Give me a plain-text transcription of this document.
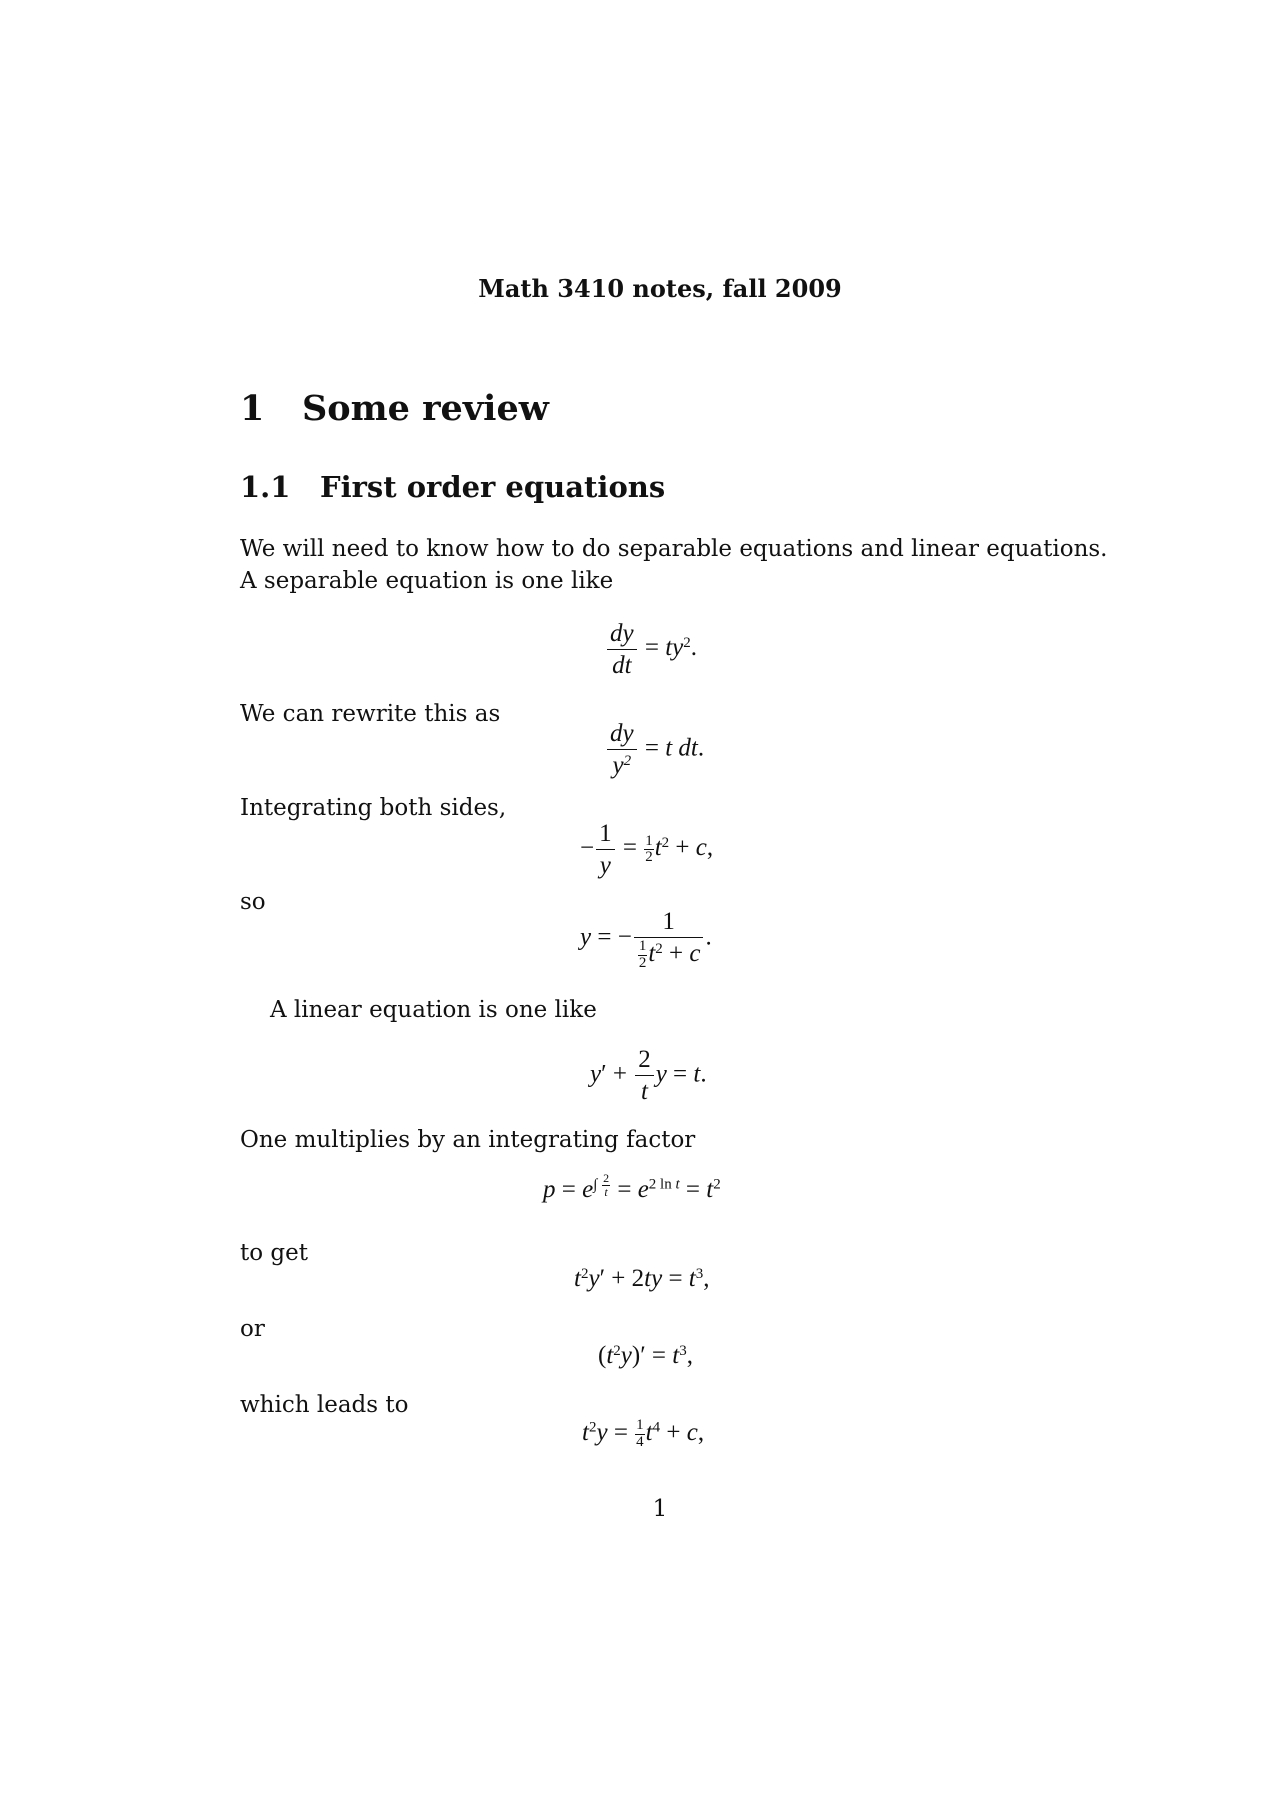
Math 3410 notes, fall 2009
1 Some review
1.1 First order equations
We will need to know how to do separable equations and linear equations.
A separable equation is one like
$\frac{dy}{dt} = ty^2$.
We can rewrite this as
$\frac{dy}{y^2} = t$ dt.
Integrating both sides,
− $\frac{1}{y} = \frac{1}{2} t^2 + c$,
so
y = − $\frac{1}{\frac{1}{2} t^2 + c}$ .
A linear equation is one like
$y' + \frac{2}{t}$ y = t.
One multiplies by an integrating factor
$p = e^{\int \frac{2}{t}} = e^{2 ln t} = t^2$
to get
$t^2y' + 2ty = t^3$,
or
$(t^2y)' = t^3$,
which leads to
$t^2y = \frac{1}{4} t^4 + c$,
1
